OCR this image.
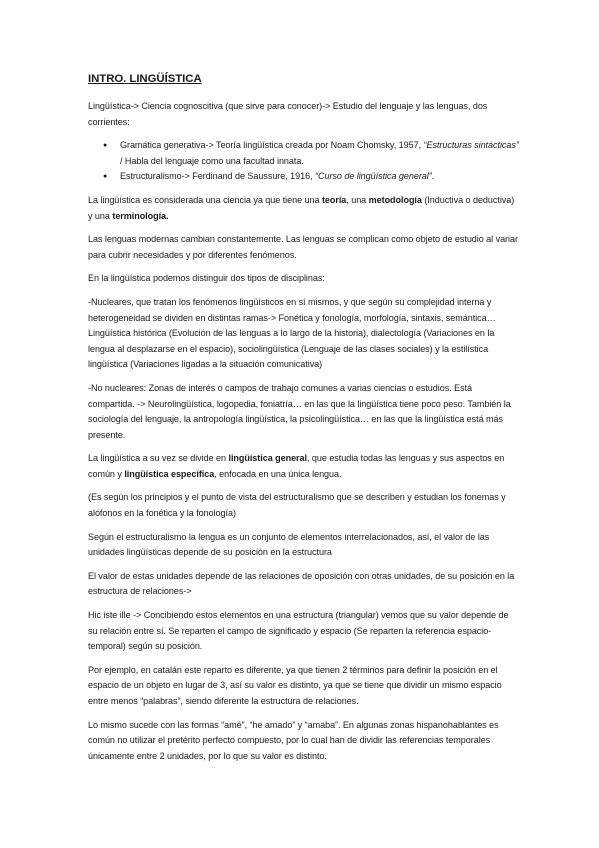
INTRO. LINGÜÍSTICA

Lingüística-> Ciencia cognoscitiva (que sirve para conocer)-> Estudio del lenguaje y las lenguas, dos corrientes:

● Gramática generativa-> Teoría lingüística creada por Noam Chomsky, 1957, “Estructuras sintácticas” / Habla del lenguaje como una facultad innata.
● Estructuralismo-> Ferdinand de Saussure, 1916, “Curso de lingüística general”.

La lingüística es considerada una ciencia ya que tiene una teoría, una metodología (Inductiva o deductiva) y una terminología.

Las lenguas modernas cambian constantemente. Las lenguas se complican como objeto de estudio al variar para cubrir necesidades y por diferentes fenómenos.

En la lingüística podemos distinguir dos tipos de disciplinas:

-Nucleares, que tratan los fenómenos lingüísticos en sí mismos, y que según su complejidad interna y heterogeneidad se dividen en distintas ramas-> Fonética y fonología, morfología, sintaxis, semántica… Lingüística histórica (Evolución de las lenguas a lo largo de la historia), dialectología (Variaciones en la lengua al desplazarse en el espacio), sociolingüística (Lenguaje de las clases sociales) y la estilística lingüística (Variaciones ligadas a la situación comunicativa)

-No nucleares: Zonas de interés o campos de trabajo comunes a varias ciencias o estudios. Está compartida. -> Neurolingüística, logopedia, foniatría… en las que la lingüística tiene poco peso. También la sociología del lenguaje, la antropología lingüística, la psicolingüística… en las que la lingüística está más presente.

La lingüística a su vez se divide en lingüística general, que estudia todas las lenguas y sus aspectos en común y lingüística específica, enfocada en una única lengua.

(Es según los principios y el punto de vista del estructuralismo que se describen y estudian los fonemas y alófonos en la fonética y la fonología)

Según el estructuralismo la lengua es un conjunto de elementos interrelacionados, así, el valor de las unidades lingüísticas depende de su posición en la estructura

El valor de estas unidades depende de las relaciones de oposición con otras unidades, de su posición en la estructura de relaciones->

Hic iste ille -> Concibiendo estos elementos en una estructura (triangular) vemos que su valor depende de su relación entre sí. Se reparten el campo de significado y espacio (Se reparten la referencia espacio-temporal) según su posición.

Por ejemplo, en catalán este reparto es diferente, ya que tienen 2 términos para definir la posición en el espacio de un objeto en lugar de 3, así su valor es distinto, ya que se tiene que dividir un mismo espacio entre menos “palabras”, siendo diferente la estructura de relaciones.

Lo mismo sucede con las formas “amé”, “he amado” y “amaba”. En algunas zonas hispanohablantes es común no utilizar el pretérito perfecto compuesto, por lo cual han de dividir las referencias temporales únicamente entre 2 unidades, por lo que su valor es distinto.
